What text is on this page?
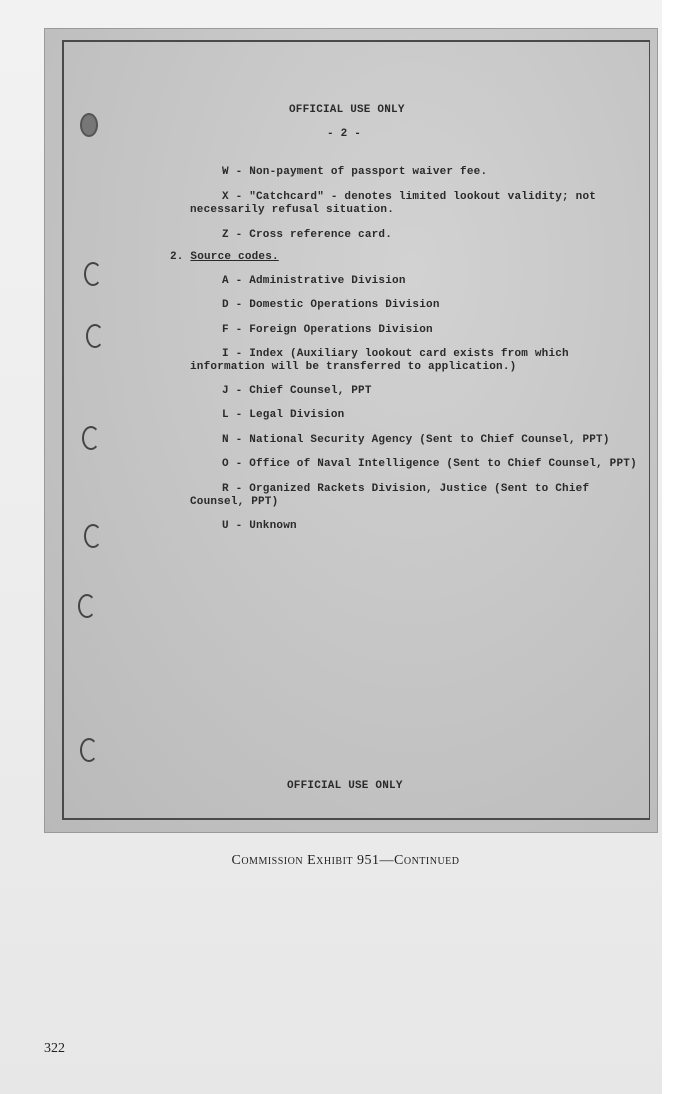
OFFICIAL USE ONLY
- 2 -
W - Non-payment of passport waiver fee.
X - "Catchcard" - denotes limited lookout validity; not
necessarily refusal situation.
Z - Cross reference card.
2. Source codes.
A - Administrative Division
D - Domestic Operations Division
F - Foreign Operations Division
I - Index (Auxiliary lookout card exists from which
information will be transferred to application.)
J - Chief Counsel, PPT
L - Legal Division
N - National Security Agency (Sent to Chief Counsel, PPT)
O - Office of Naval Intelligence (Sent to Chief Counsel, PPT)
R - Organized Rackets Division, Justice (Sent to Chief
Counsel, PPT)
U - Unknown
OFFICIAL USE ONLY
Commission Exhibit 951—Continued
322
